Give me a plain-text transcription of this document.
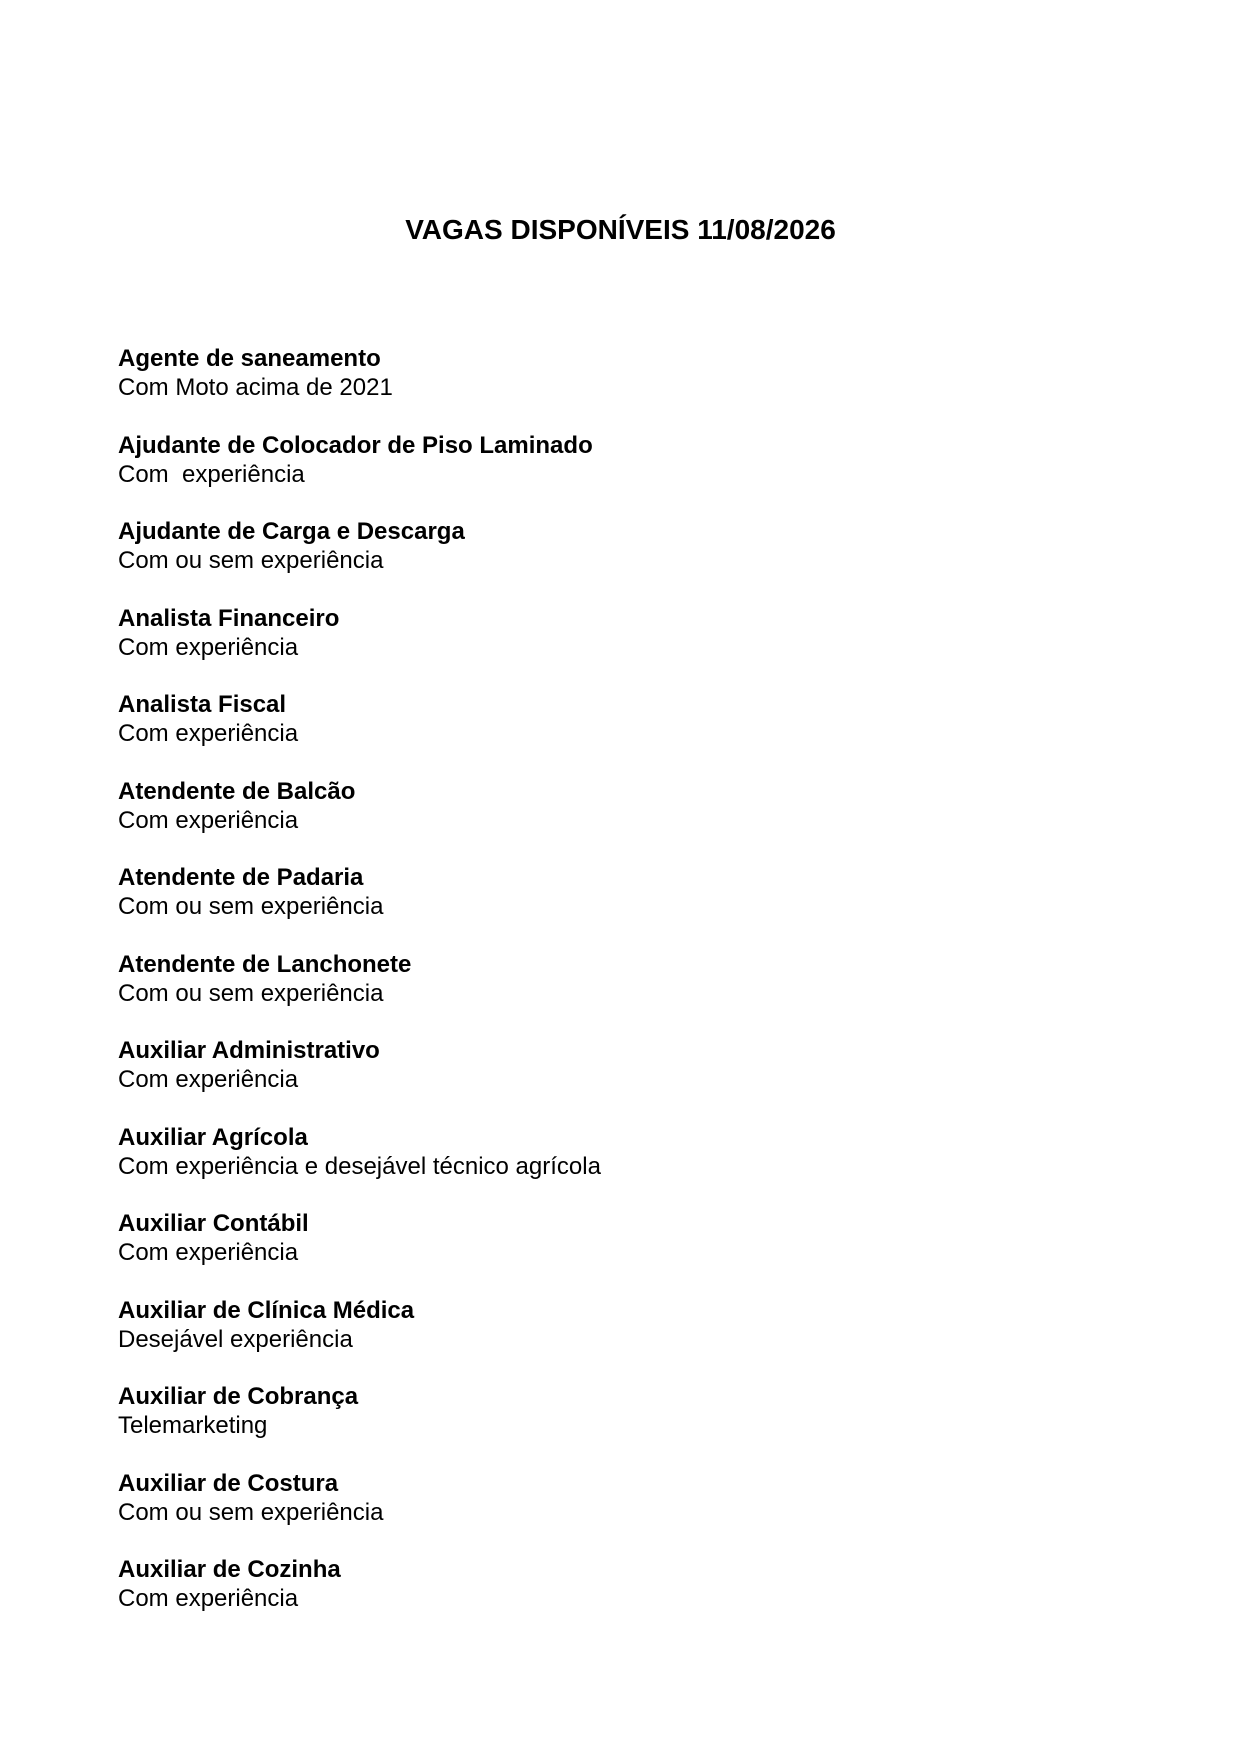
VAGAS DISPONÍVEIS 11/08/2026
Agente de saneamento
Com Moto acima de 2021
Ajudante de Colocador de Piso Laminado
Com  experiência
Ajudante de Carga e Descarga
Com ou sem experiência
Analista Financeiro
Com experiência
Analista Fiscal
Com experiência
Atendente de Balcão
Com experiência
Atendente de Padaria
Com ou sem experiência
Atendente de Lanchonete
Com ou sem experiência
Auxiliar Administrativo
Com experiência
Auxiliar Agrícola
Com experiência e desejável técnico agrícola
Auxiliar Contábil
Com experiência
Auxiliar de Clínica Médica
Desejável experiência
Auxiliar de Cobrança
Telemarketing
Auxiliar de Costura
Com ou sem experiência
Auxiliar de Cozinha
Com experiência
